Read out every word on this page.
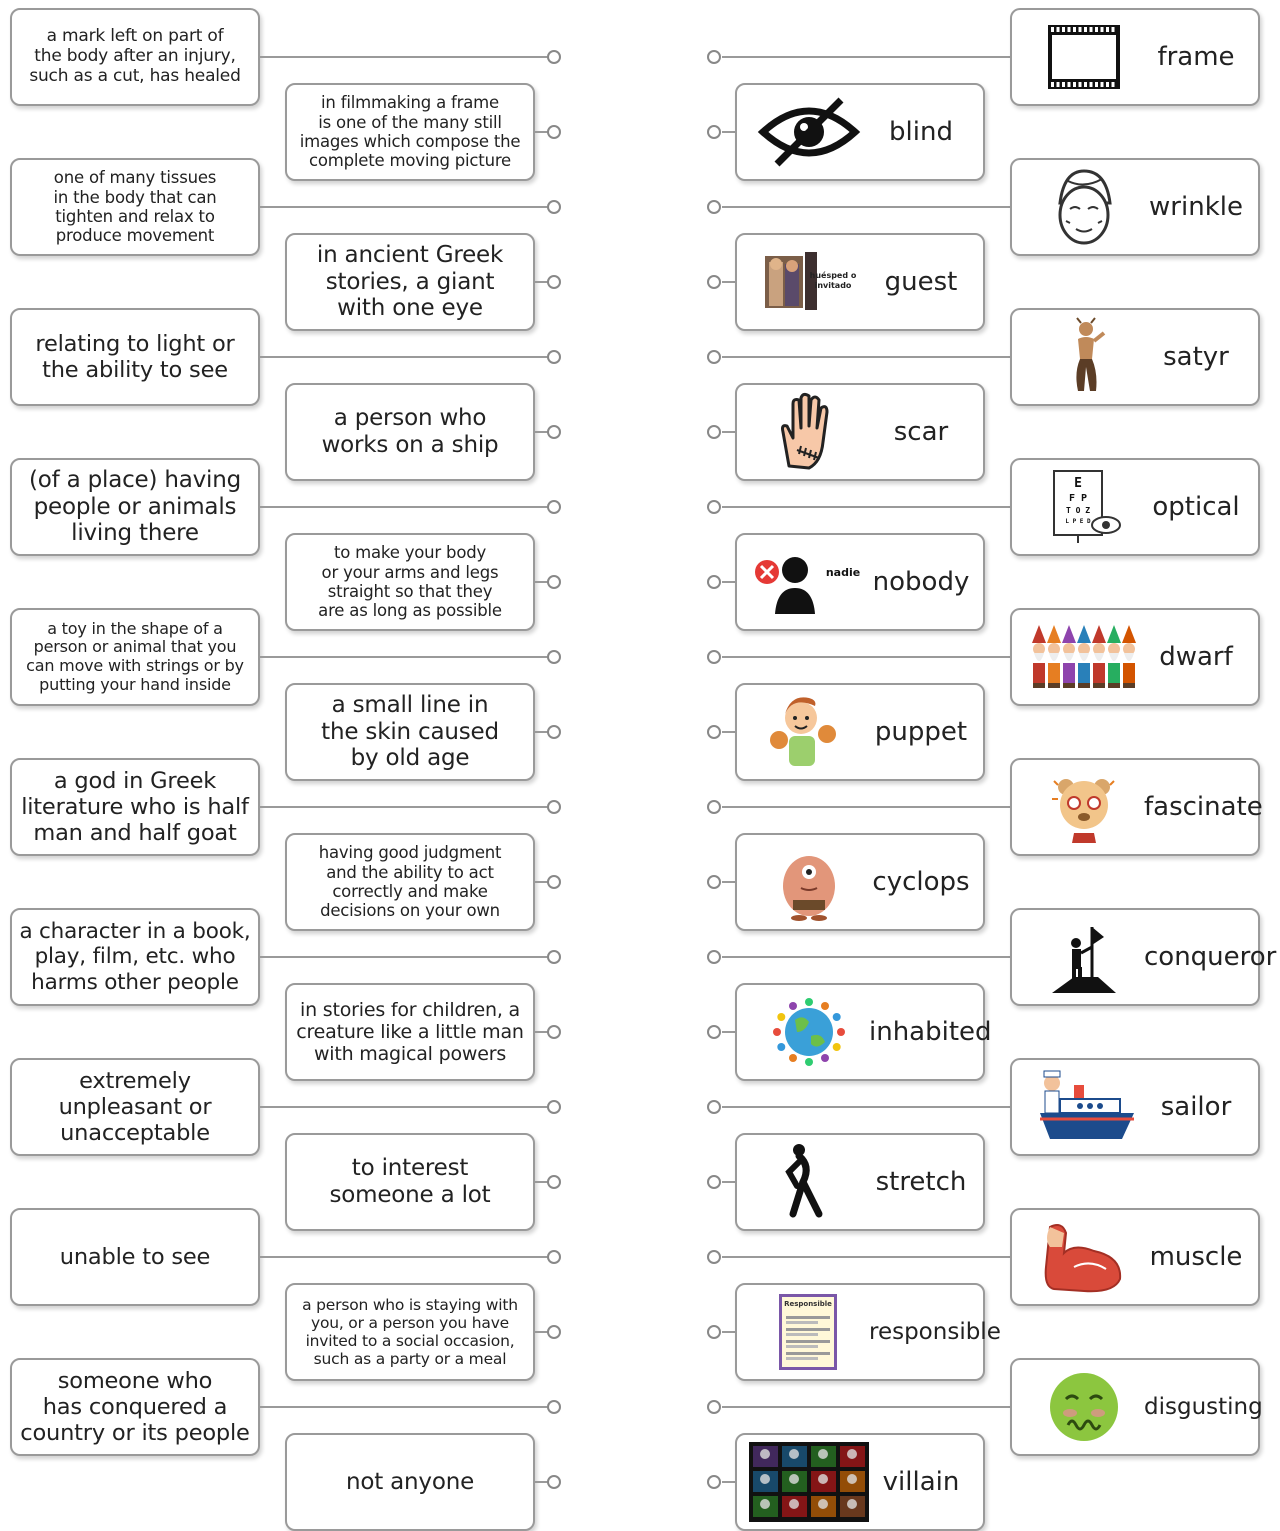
a mark left on part of
the body after an injury,
such as a cut, has healed
in filmmaking a frame
is one of the many still
images which compose the
complete moving picture
one of many tissues
in the body that can
tighten and relax to
produce movement
in ancient Greek
stories, a giant
with one eye
relating to light or
the ability to see
a person who
works on a ship
(of a place) having
people or animals
living there
to make your body
or your arms and legs
straight so that they
are as long as possible
a toy in the shape of a
person or animal that you
can move with strings or by
putting your hand inside
a small line in
the skin caused
by old age
a god in Greek
literature who is half
man and half goat
having good judgment
and the ability to act
correctly and make
decisions on your own
a character in a book,
play, film, etc. who
harms other people
in stories for children, a
creature like a little man
with magical powers
extremely
unpleasant or
unacceptable
to interest
someone a lot
unable to see
a person who is staying with
you, or a person you have
invited to a social occasion,
such as a party or a meal
someone who
has conquered a
country or its people
not anyone
frame
blind
wrinkle
huésped o
invitado	guest
satyr
scar
E
F P
T O Z
L P E D	optical
nadie nobody
dwarf
puppet
fascinate
cyclops
conqueror
inhabited
sailor
stretch
muscle
Responsible
responsible
disgusting
villain
